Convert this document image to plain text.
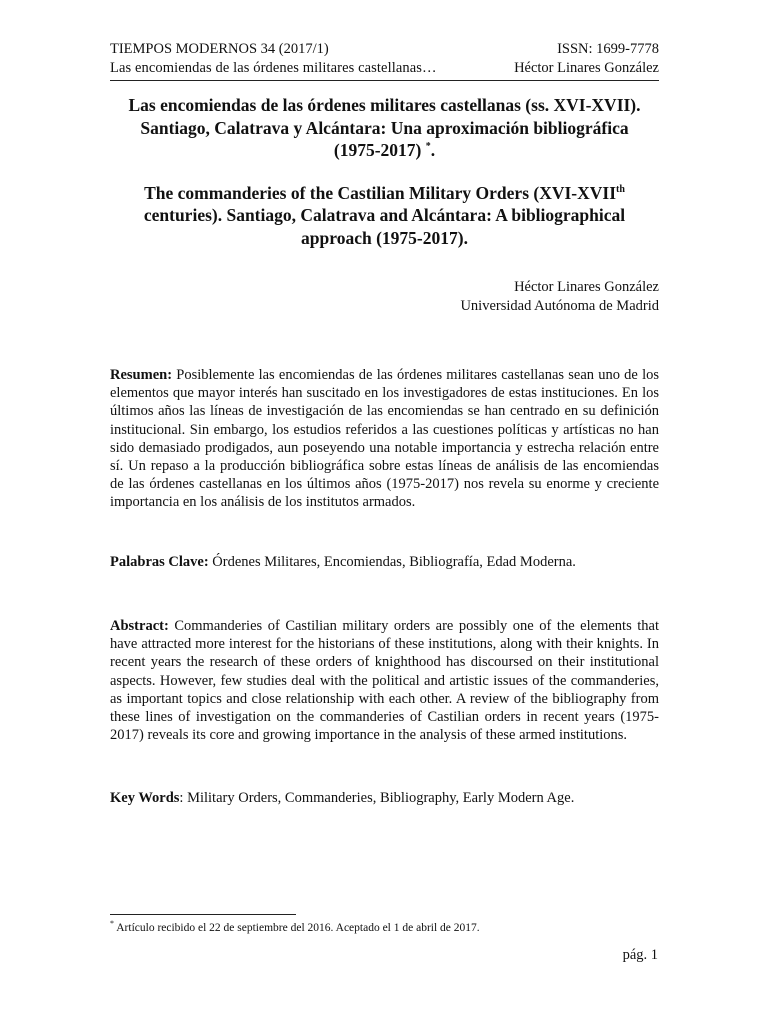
TIEMPOS MODERNOS 34 (2017/1)	ISSN: 1699-7778
Las encomiendas de las órdenes militares castellanas…	Héctor Linares González

Las encomiendas de las órdenes militares castellanas (ss. XVI-XVII).
Santiago, Calatrava y Alcántara: Una aproximación bibliográfica
(1975-2017) *.

The commanderies of the Castilian Military Orders (XVI-XVIIth
centuries). Santiago, Calatrava and Alcántara: A bibliographical
approach (1975-2017).

Héctor Linares González
Universidad Autónoma de Madrid

Resumen: Posiblemente las encomiendas de las órdenes militares castellanas sean uno de los elementos que mayor interés han suscitado en los investigadores de estas instituciones. En los últimos años las líneas de investigación de las encomiendas se han centrado en su definición institucional. Sin embargo, los estudios referidos a las cuestiones políticas y artísticas no han sido demasiado prodigados, aun poseyendo una notable importancia y estrecha relación entre sí. Un repaso a la producción bibliográfica sobre estas líneas de análisis de las encomiendas de las órdenes castellanas en los últimos años (1975-2017) nos revela su enorme y creciente importancia en los análisis de los institutos armados.

Palabras Clave: Órdenes Militares, Encomiendas, Bibliografía, Edad Moderna.

Abstract: Commanderies of Castilian military orders are possibly one of the elements that have attracted more interest for the historians of these institutions, along with their knights. In recent years the research of these orders of knighthood has discoursed on their institutional aspects. However, few studies deal with the political and artistic issues of the commanderies, as important topics and close relationship with each other. A review of the bibliography from these lines of investigation on the commanderies of Castilian orders in recent years (1975-2017) reveals its core and growing importance in the analysis of these armed institutions.

Key Words: Military Orders, Commanderies, Bibliography, Early Modern Age.

* Artículo recibido el 22 de septiembre del 2016. Aceptado el 1 de abril de 2017.
pág. 1
